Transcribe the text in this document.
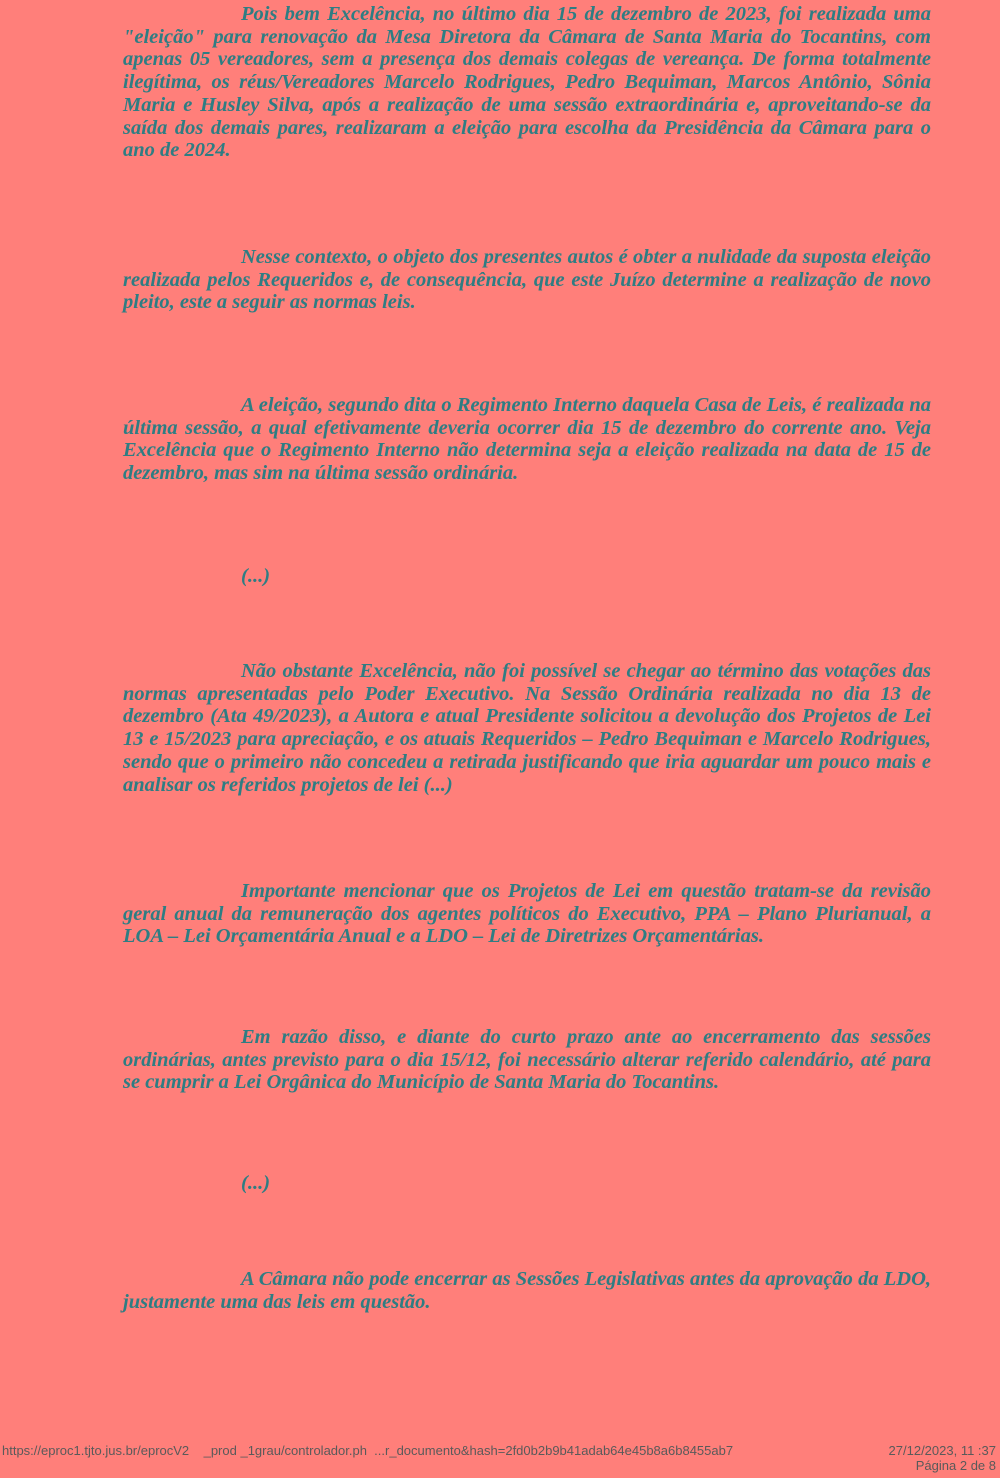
Pois bem Excelência, no último dia 15 de dezembro de 2023, foi realizada uma "eleição" para renovação da Mesa Diretora da Câmara de Santa Maria do Tocantins, com apenas 05 vereadores, sem a presença dos demais colegas de vereança. De forma totalmente ilegítima, os réus/Vereadores Marcelo Rodrigues, Pedro Bequiman, Marcos Antônio, Sônia Maria e Husley Silva, após a realização de uma sessão extraordinária e, aproveitando-se da saída dos demais pares, realizaram a eleição para escolha da Presidência da Câmara para o ano de 2024.

Nesse contexto, o objeto dos presentes autos é obter a nulidade da suposta eleição realizada pelos Requeridos e, de consequência, que este Juízo determine a realização de novo pleito, este a seguir as normas leis.

A eleição, segundo dita o Regimento Interno daquela Casa de Leis, é realizada na última sessão, a qual efetivamente deveria ocorrer dia 15 de dezembro do corrente ano. Veja Excelência que o Regimento Interno não determina seja a eleição realizada na data de 15 de dezembro, mas sim na última sessão ordinária.

(...)

Não obstante Excelência, não foi possível se chegar ao término das votações das normas apresentadas pelo Poder Executivo. Na Sessão Ordinária realizada no dia 13 de dezembro (Ata 49/2023), a Autora e atual Presidente solicitou a devolução dos Projetos de Lei 13 e 15/2023 para apreciação, e os atuais Requeridos – Pedro Bequiman e Marcelo Rodrigues, sendo que o primeiro não concedeu a retirada justificando que iria aguardar um pouco mais e analisar os referidos projetos de lei (...)

Importante mencionar que os Projetos de Lei em questão tratam-se da revisão geral anual da remuneração dos agentes políticos do Executivo, PPA – Plano Plurianual, a LOA – Lei Orçamentária Anual e a LDO – Lei de Diretrizes Orçamentárias.

Em razão disso, e diante do curto prazo ante ao encerramento das sessões ordinárias, antes previsto para o dia 15/12, foi necessário alterar referido calendário, até para se cumprir a Lei Orgânica do Município de Santa Maria do Tocantins.

(...)

A Câmara não pode encerrar as Sessões Legislativas antes da aprovação da LDO, justamente uma das leis em questão.

https://eproc1.tjto.jus.br/eprocV2    _prod _1grau/controlador.ph  ...r_documento&hash=2fd0b2b9b41adab64e45b8a6b8455ab7	27/12/2023, 11 :37
Página 2 de 8
